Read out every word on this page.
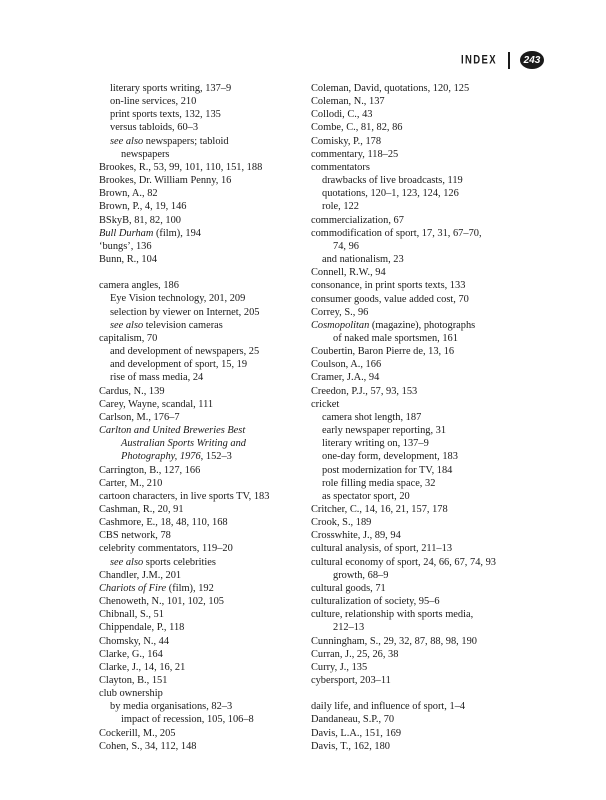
INDEX	243
literary sports writing, 137–9
on-line services, 210
print sports texts, 132, 135
versus tabloids, 60–3
see also newspapers; tabloid
newspapers
Brookes, R., 53, 99, 101, 110, 151, 188
Brookes, Dr. William Penny, 16
Brown, A., 82
Brown, P., 4, 19, 146
BSkyB, 81, 82, 100
Bull Durham (film), 194
‘bungs’, 136
Bunn, R., 104
camera angles, 186
Eye Vision technology, 201, 209
selection by viewer on Internet, 205
see also television cameras
capitalism, 70
and development of newspapers, 25
and development of sport, 15, 19
rise of mass media, 24
Cardus, N., 139
Carey, Wayne, scandal, 111
Carlson, M., 176–7
Carlton and United Breweries Best
Australian Sports Writing and
Photography, 1976, 152–3
Carrington, B., 127, 166
Carter, M., 210
cartoon characters, in live sports TV, 183
Cashman, R., 20, 91
Cashmore, E., 18, 48, 110, 168
CBS network, 78
celebrity commentators, 119–20
see also sports celebrities
Chandler, J.M., 201
Chariots of Fire (film), 192
Chenoweth, N., 101, 102, 105
Chibnall, S., 51
Chippendale, P., 118
Chomsky, N., 44
Clarke, G., 164
Clarke, J., 14, 16, 21
Clayton, B., 151
club ownership
by media organisations, 82–3
impact of recession, 105, 106–8
Cockerill, M., 205
Cohen, S., 34, 112, 148
Coleman, David, quotations, 120, 125
Coleman, N., 137
Collodi, C., 43
Combe, C., 81, 82, 86
Comisky, P., 178
commentary, 118–25
commentators
drawbacks of live broadcasts, 119
quotations, 120–1, 123, 124, 126
role, 122
commercialization, 67
commodification of sport, 17, 31, 67–70,
74, 96
and nationalism, 23
Connell, R.W., 94
consonance, in print sports texts, 133
consumer goods, value added cost, 70
Correy, S., 96
Cosmopolitan (magazine), photographs
of naked male sportsmen, 161
Coubertin, Baron Pierre de, 13, 16
Coulson, A., 166
Cramer, J.A., 94
Creedon, P.J., 57, 93, 153
cricket
camera shot length, 187
early newspaper reporting, 31
literary writing on, 137–9
one-day form, development, 183
post modernization for TV, 184
role filling media space, 32
as spectator sport, 20
Critcher, C., 14, 16, 21, 157, 178
Crook, S., 189
Crosswhite, J., 89, 94
cultural analysis, of sport, 211–13
cultural economy of sport, 24, 66, 67, 74, 93
growth, 68–9
cultural goods, 71
culturalization of society, 95–6
culture, relationship with sports media,
212–13
Cunningham, S., 29, 32, 87, 88, 98, 190
Curran, J., 25, 26, 38
Curry, J., 135
cybersport, 203–11
daily life, and influence of sport, 1–4
Dandaneau, S.P., 70
Davis, L.A., 151, 169
Davis, T., 162, 180
